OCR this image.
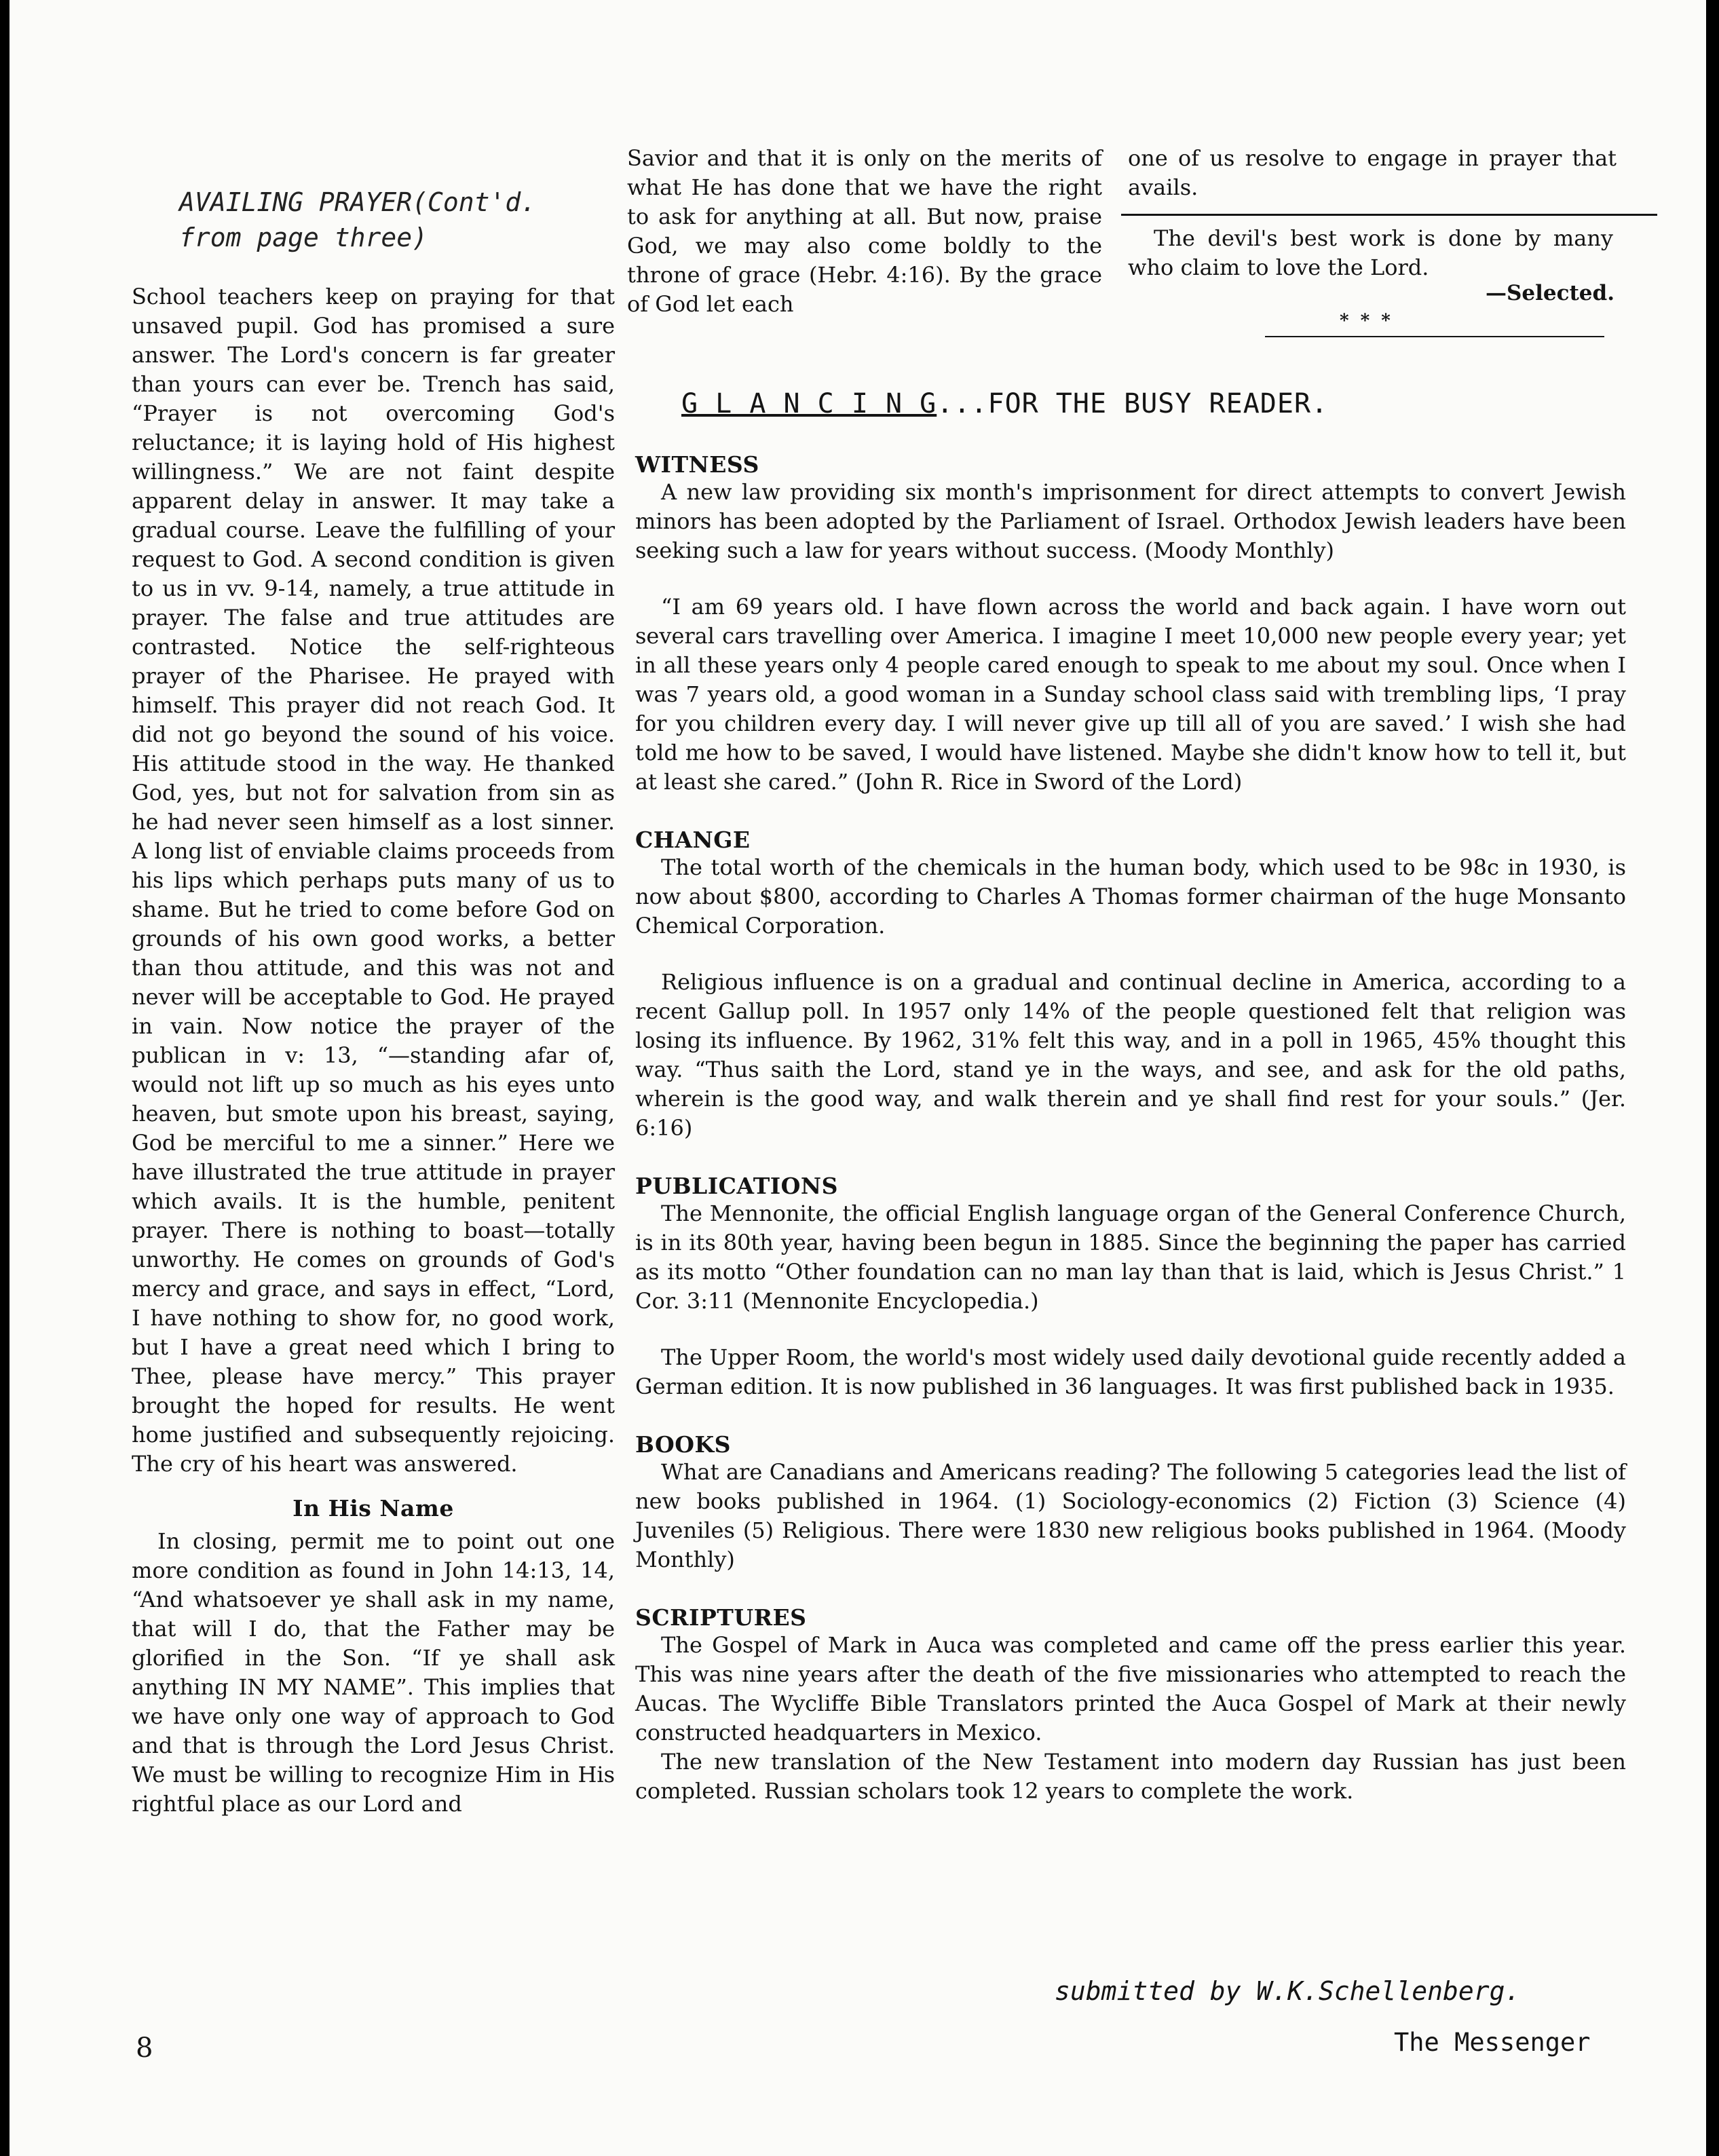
AVAILING PRAYER(Cont'd. from page three)

School teachers keep on praying for that unsaved pupil. God has promised a sure answer. The Lord's concern is far greater than yours can ever be. Trench has said, “Prayer is not overcoming God's reluctance; it is laying hold of His highest willingness.” We are not faint despite apparent delay in answer. It may take a gradual course. Leave the fulfilling of your request to God. A second condition is given to us in vv. 9-14, namely, a true attitude in prayer. The false and true attitudes are contrasted. Notice the self-righteous prayer of the Pharisee. He prayed with himself. This prayer did not reach God. It did not go beyond the sound of his voice. His attitude stood in the way. He thanked God, yes, but not for salvation from sin as he had never seen himself as a lost sinner. A long list of enviable claims proceeds from his lips which perhaps puts many of us to shame. But he tried to come before God on grounds of his own good works, a better than thou attitude, and this was not and never will be acceptable to God. He prayed in vain. Now notice the prayer of the publican in v: 13, “—standing afar of, would not lift up so much as his eyes unto heaven, but smote upon his breast, saying, God be merciful to me a sinner.” Here we have illustrated the true attitude in prayer which avails. It is the humble, penitent prayer. There is nothing to boast—totally unworthy. He comes on grounds of God's mercy and grace, and says in effect, “Lord, I have nothing to show for, no good work, but I have a great need which I bring to Thee, please have mercy.” This prayer brought the hoped for results. He went home justified and subsequently rejoicing. The cry of his heart was answered.

In His Name

In closing, permit me to point out one more condition as found in John 14:13, 14, “And whatsoever ye shall ask in my name, that will I do, that the Father may be glorified in the Son. “If ye shall ask anything IN MY NAME”. This implies that we have only one way of approach to God and that is through the Lord Jesus Christ. We must be willing to recognize Him in His rightful place as our Lord and

8
Savior and that it is only on the merits of what He has done that we have the right to ask for anything at all. But now, praise God, we may also come boldly to the throne of grace (Hebr. 4:16). By the grace of God let each
one of us resolve to engage in prayer that avails.
The devil's best work is done by many who claim to love the Lord.
—Selected.
* * *
G L A N C I N G...FOR THE BUSY READER.
WITNESS
A new law providing six month's imprisonment for direct attempts to convert Jewish minors has been adopted by the Parliament of Israel. Orthodox Jewish leaders have been seeking such a law for years without success. (Moody Monthly)
“I am 69 years old. I have flown across the world and back again. I have worn out several cars travelling over America. I imagine I meet 10,000 new people every year; yet in all these years only 4 people cared enough to speak to me about my soul. Once when I was 7 years old, a good woman in a Sunday school class said with trembling lips, ‘I pray for you children every day. I will never give up till all of you are saved.’ I wish she had told me how to be saved, I would have listened. Maybe she didn't know how to tell it, but at least she cared.” (John R. Rice in Sword of the Lord)
CHANGE
The total worth of the chemicals in the human body, which used to be 98c in 1930, is now about $800, according to Charles A Thomas former chairman of the huge Monsanto Chemical Corporation.
Religious influence is on a gradual and continual decline in America, according to a recent Gallup poll. In 1957 only 14% of the people questioned felt that religion was losing its influence. By 1962, 31% felt this way, and in a poll in 1965, 45% thought this way. “Thus saith the Lord, stand ye in the ways, and see, and ask for the old paths, wherein is the good way, and walk therein and ye shall find rest for your souls.” (Jer. 6:16)
PUBLICATIONS
The Mennonite, the official English language organ of the General Conference Church, is in its 80th year, having been begun in 1885. Since the beginning the paper has carried as its motto “Other foundation can no man lay than that is laid, which is Jesus Christ.” 1 Cor. 3:11 (Mennonite Encyclopedia.)
The Upper Room, the world's most widely used daily devotional guide recently added a German edition. It is now published in 36 languages. It was first published back in 1935.
BOOKS
What are Canadians and Americans reading? The following 5 categories lead the list of new books published in 1964. (1) Sociology-economics (2) Fiction (3) Science (4) Juveniles (5) Religious. There were 1830 new religious books published in 1964. (Moody Monthly)
SCRIPTURES
The Gospel of Mark in Auca was completed and came off the press earlier this year. This was nine years after the death of the five missionaries who attempted to reach the Aucas. The Wycliffe Bible Translators printed the Auca Gospel of Mark at their newly constructed headquarters in Mexico.
The new translation of the New Testament into modern day Russian has just been completed. Russian scholars took 12 years to complete the work.
submitted by W.K.Schellenberg.
The Messenger
